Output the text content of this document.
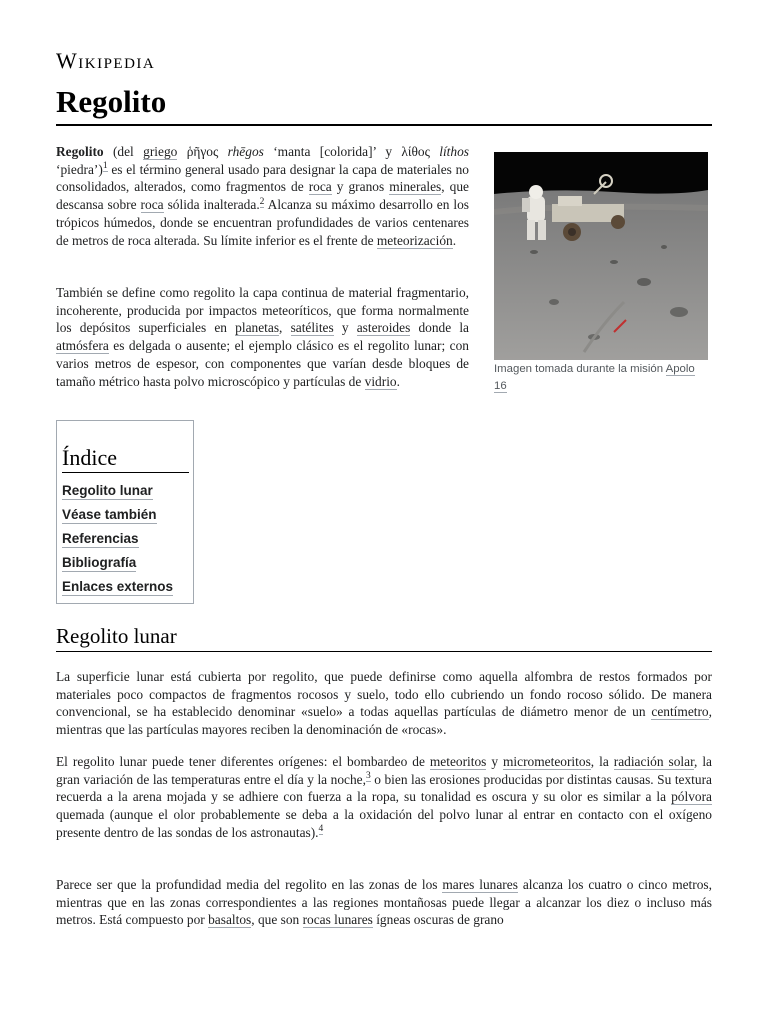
Wikipedia
Regolito

Regolito (del griego ῥῆγος rhēgos ‘manta [colorida]’ y λίθος líthos ‘piedra’)$^1$ es el término general usado para designar la capa de materiales no consolidados, alterados, como fragmentos de roca y granos minerales, que descansa sobre roca sólida inalterada.$^2$ Alcanza su máximo desarrollo en los trópicos húmedos, donde se encuentran profundidades de varios centenares de metros de roca alterada. Su límite inferior es el frente de meteorización.

También se define como regolito la capa continua de material fragmentario, incoherente, producida por impactos meteoríticos, que forma normalmente los depósitos superficiales en planetas, satélites y asteroides donde la atmósfera es delgada o ausente; el ejemplo clásico es el regolito lunar; con varios metros de espesor, con componentes que varían desde bloques de tamaño métrico hasta polvo microscópico y partículas de vidrio.

Imagen tomada durante la misión Apolo 16
Índice
Regolito lunar
Véase también
Referencias
Bibliografía
Enlaces externos
Regolito lunar

La superficie lunar está cubierta por regolito, que puede definirse como aquella alfombra de restos formados por materiales poco compactos de fragmentos rocosos y suelo, todo ello cubriendo un fondo rocoso sólido. De manera convencional, se ha establecido denominar «suelo» a todas aquellas partículas de diámetro menor de un centímetro, mientras que las partículas mayores reciben la denominación de «rocas».

El regolito lunar puede tener diferentes orígenes: el bombardeo de meteoritos y micrometeoritos, la radiación solar, la gran variación de las temperaturas entre el día y la noche,$^3$ o bien las erosiones producidas por distintas causas. Su textura recuerda a la arena mojada y se adhiere con fuerza a la ropa, su tonalidad es oscura y su olor es similar a la pólvora quemada (aunque el olor probablemente se deba a la oxidación del polvo lunar al entrar en contacto con el oxígeno presente dentro de las sondas de los astronautas).$^4$

Parece ser que la profundidad media del regolito en las zonas de los mares lunares alcanza los cuatro o cinco metros, mientras que en las zonas correspondientes a las regiones montañosas puede llegar a alcanzar los diez o incluso más metros. Está compuesto por basaltos, que son rocas lunares ígneas oscuras de grano
